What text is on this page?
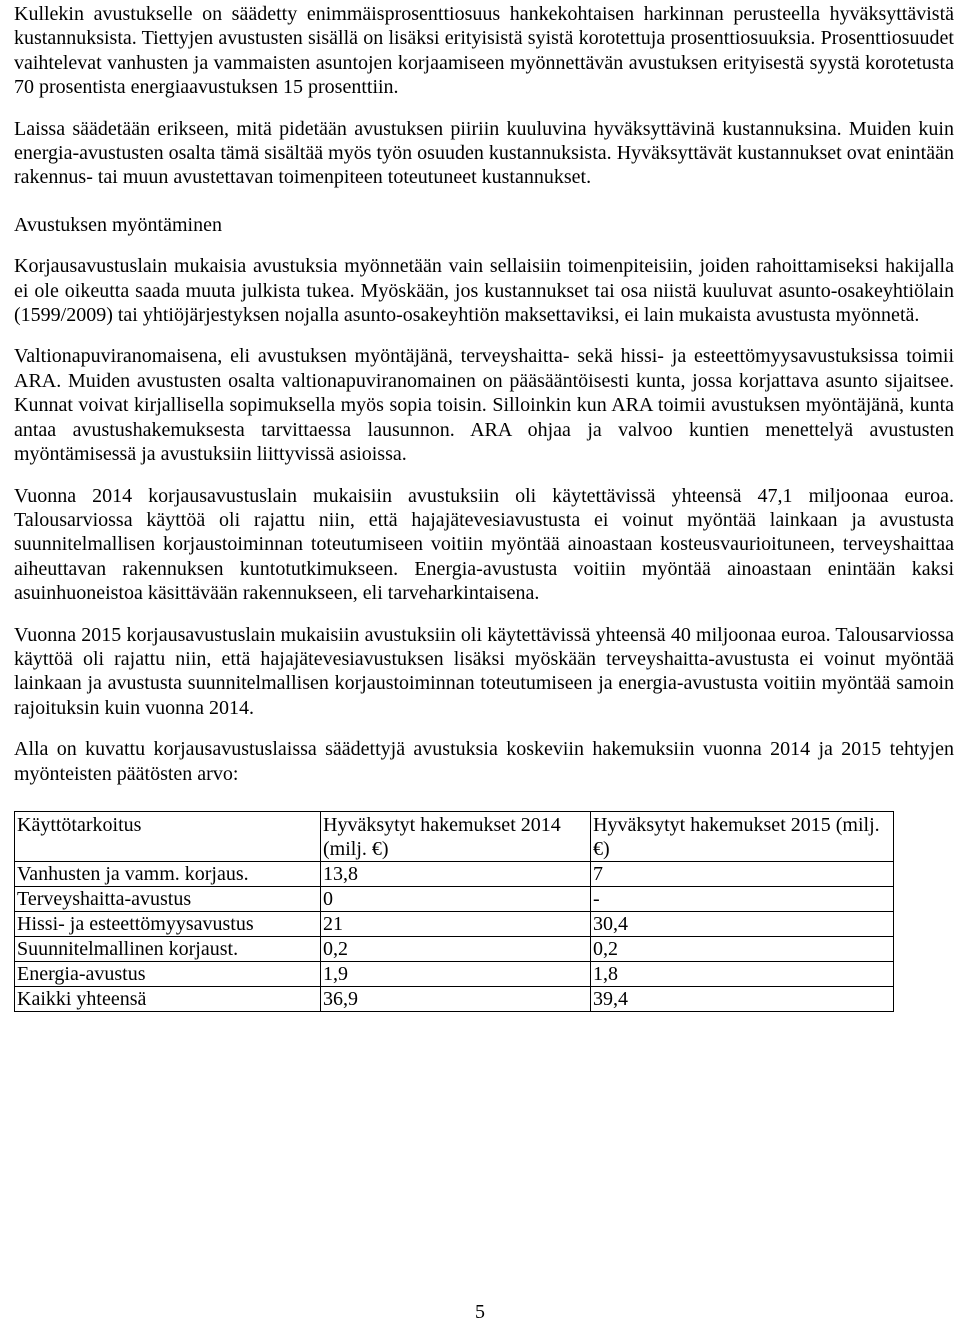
Kullekin avustukselle on säädetty enimmäisprosenttiosuus hankekohtaisen harkinnan perusteella hyväksyttävistä kustannuksista. Tiettyjen avustusten sisällä on lisäksi erityisistä syistä korotettuja prosenttiosuuksia. Prosenttiosuudet vaihtelevat vanhusten ja vammaisten asuntojen korjaamiseen myönnettävän avustuksen erityisestä syystä korotetusta 70 prosentista energiaavustuksen 15 prosenttiin.

Laissa säädetään erikseen, mitä pidetään avustuksen piiriin kuuluvina hyväksyttävinä kustannuksina. Muiden kuin energia-avustusten osalta tämä sisältää myös työn osuuden kustannuksista. Hyväksyttävät kustannukset ovat enintään rakennus- tai muun avustettavan toimenpiteen toteutuneet kustannukset.

Avustuksen myöntäminen

Korjausavustuslain mukaisia avustuksia myönnetään vain sellaisiin toimenpiteisiin, joiden rahoittamiseksi hakijalla ei ole oikeutta saada muuta julkista tukea. Myöskään, jos kustannukset tai osa niistä kuuluvat asunto-osakeyhtiölain (1599/2009) tai yhtiöjärjestyksen nojalla asunto-osakeyhtiön maksettaviksi, ei lain mukaista avustusta myönnetä.

Valtionapuviranomaisena, eli avustuksen myöntäjänä, terveyshaitta- sekä hissi- ja esteettömyysavustuksissa toimii ARA. Muiden avustusten osalta valtionapuviranomainen on pääsääntöisesti kunta, jossa korjattava asunto sijaitsee. Kunnat voivat kirjallisella sopimuksella myös sopia toisin. Silloinkin kun ARA toimii avustuksen myöntäjänä, kunta antaa avustushakemuksesta tarvittaessa lausunnon. ARA ohjaa ja valvoo kuntien menettelyä avustusten myöntämisessä ja avustuksiin liittyvissä asioissa.

Vuonna 2014 korjausavustuslain mukaisiin avustuksiin oli käytettävissä yhteensä 47,1 miljoonaa euroa. Talousarviossa käyttöä oli rajattu niin, että hajajätevesiavustusta ei voinut myöntää lainkaan ja avustusta suunnitelmallisen korjaustoiminnan toteutumiseen voitiin myöntää ainoastaan kosteusvaurioituneen, terveyshaittaa aiheuttavan rakennuksen kuntotutkimukseen. Energia-avustusta voitiin myöntää ainoastaan enintään kaksi asuinhuoneistoa käsittävään rakennukseen, eli tarveharkintaisena.

Vuonna 2015 korjausavustuslain mukaisiin avustuksiin oli käytettävissä yhteensä 40 miljoonaa euroa. Talousarviossa käyttöä oli rajattu niin, että hajajätevesiavustuksen lisäksi myöskään terveyshaitta-avustusta ei voinut myöntää lainkaan ja avustusta suunnitelmallisen korjaustoiminnan toteutumiseen ja energia-avustusta voitiin myöntää samoin rajoituksin kuin vuonna 2014.

Alla on kuvattu korjausavustuslaissa säädettyjä avustuksia koskeviin hakemuksiin vuonna 2014 ja 2015 tehtyjen myönteisten päätösten arvo:

Käyttötarkoitus	Hyväksytyt hakemukset 2014 (milj. €)	Hyväksytyt hakemukset 2015 (milj. €)
Vanhusten ja vamm. korjaus.	13,8	7
Terveyshaitta-avustus	0	-
Hissi- ja esteettömyysavustus	21	30,4
Suunnitelmallinen korjaust.	0,2	0,2
Energia-avustus	1,9	1,8
Kaikki yhteensä	36,9	39,4
5
